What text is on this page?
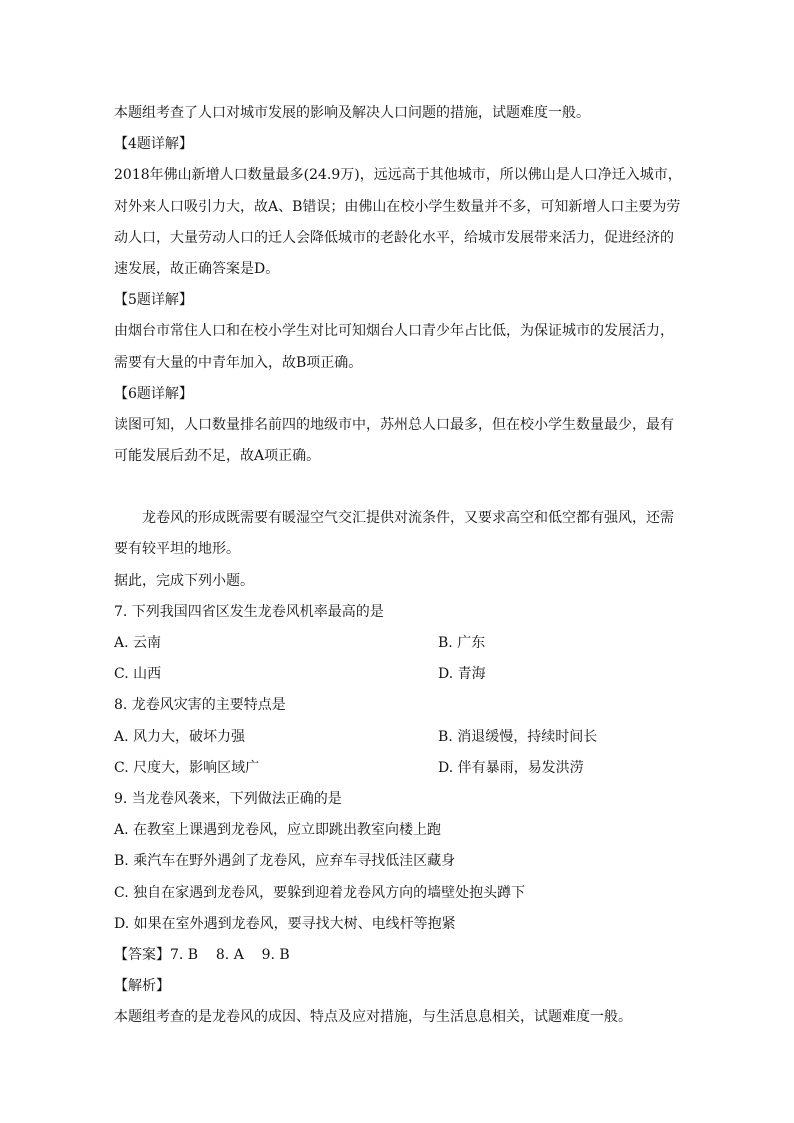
本题组考查了人口对城市发展的影响及解决人口问题的措施，试题难度一般。
【4题详解】
2018年佛山新增人口数量最多(24.9万)，远远高于其他城市，所以佛山是人口净迁入城市，
对外来人口吸引力大，故A、B错误；由佛山在校小学生数量并不多，可知新增人口主要为劳
动人口，大量劳动人口的迁人会降低城市的老龄化水平，给城市发展带来活力，促进经济的
速发展，故正确答案是D。
【5题详解】
由烟台市常住人口和在校小学生对比可知烟台人口青少年占比低，为保证城市的发展活力，
需要有大量的中青年加入，故B项正确。
【6题详解】
读图可知，人口数量排名前四的地级市中，苏州总人口最多，但在校小学生数量最少，最有
可能发展后劲不足，故A项正确。
龙卷风的形成既需要有暖湿空气交汇提供对流条件，又要求高空和低空都有强风，还需
要有较平坦的地形。
据此，完成下列小题。
7. 下列我国四省区发生龙卷风机率最高的是
A. 云南	B. 广东
C. 山西	D. 青海
8. 龙卷风灾害的主要特点是
A. 风力大，破坏力强	B. 消退缓慢，持续时间长
C. 尺度大，影响区域广	D. 伴有暴雨，易发洪涝
9. 当龙卷风袭来，下列做法正确的是
A. 在教室上课遇到龙卷风，应立即跳出教室向楼上跑
B. 乘汽车在野外遇剑了龙卷风，应弃车寻找低洼区藏身
C. 独自在家遇到龙卷风，要躲到迎着龙卷风方向的墙壁处抱头蹲下
D. 如果在室外遇到龙卷风，要寻找大树、电线杆等抱紧
【答案】7. B    8. A    9. B
【解析】
本题组考查的是龙卷风的成因、特点及应对措施，与生活息息相关，试题难度一般。
